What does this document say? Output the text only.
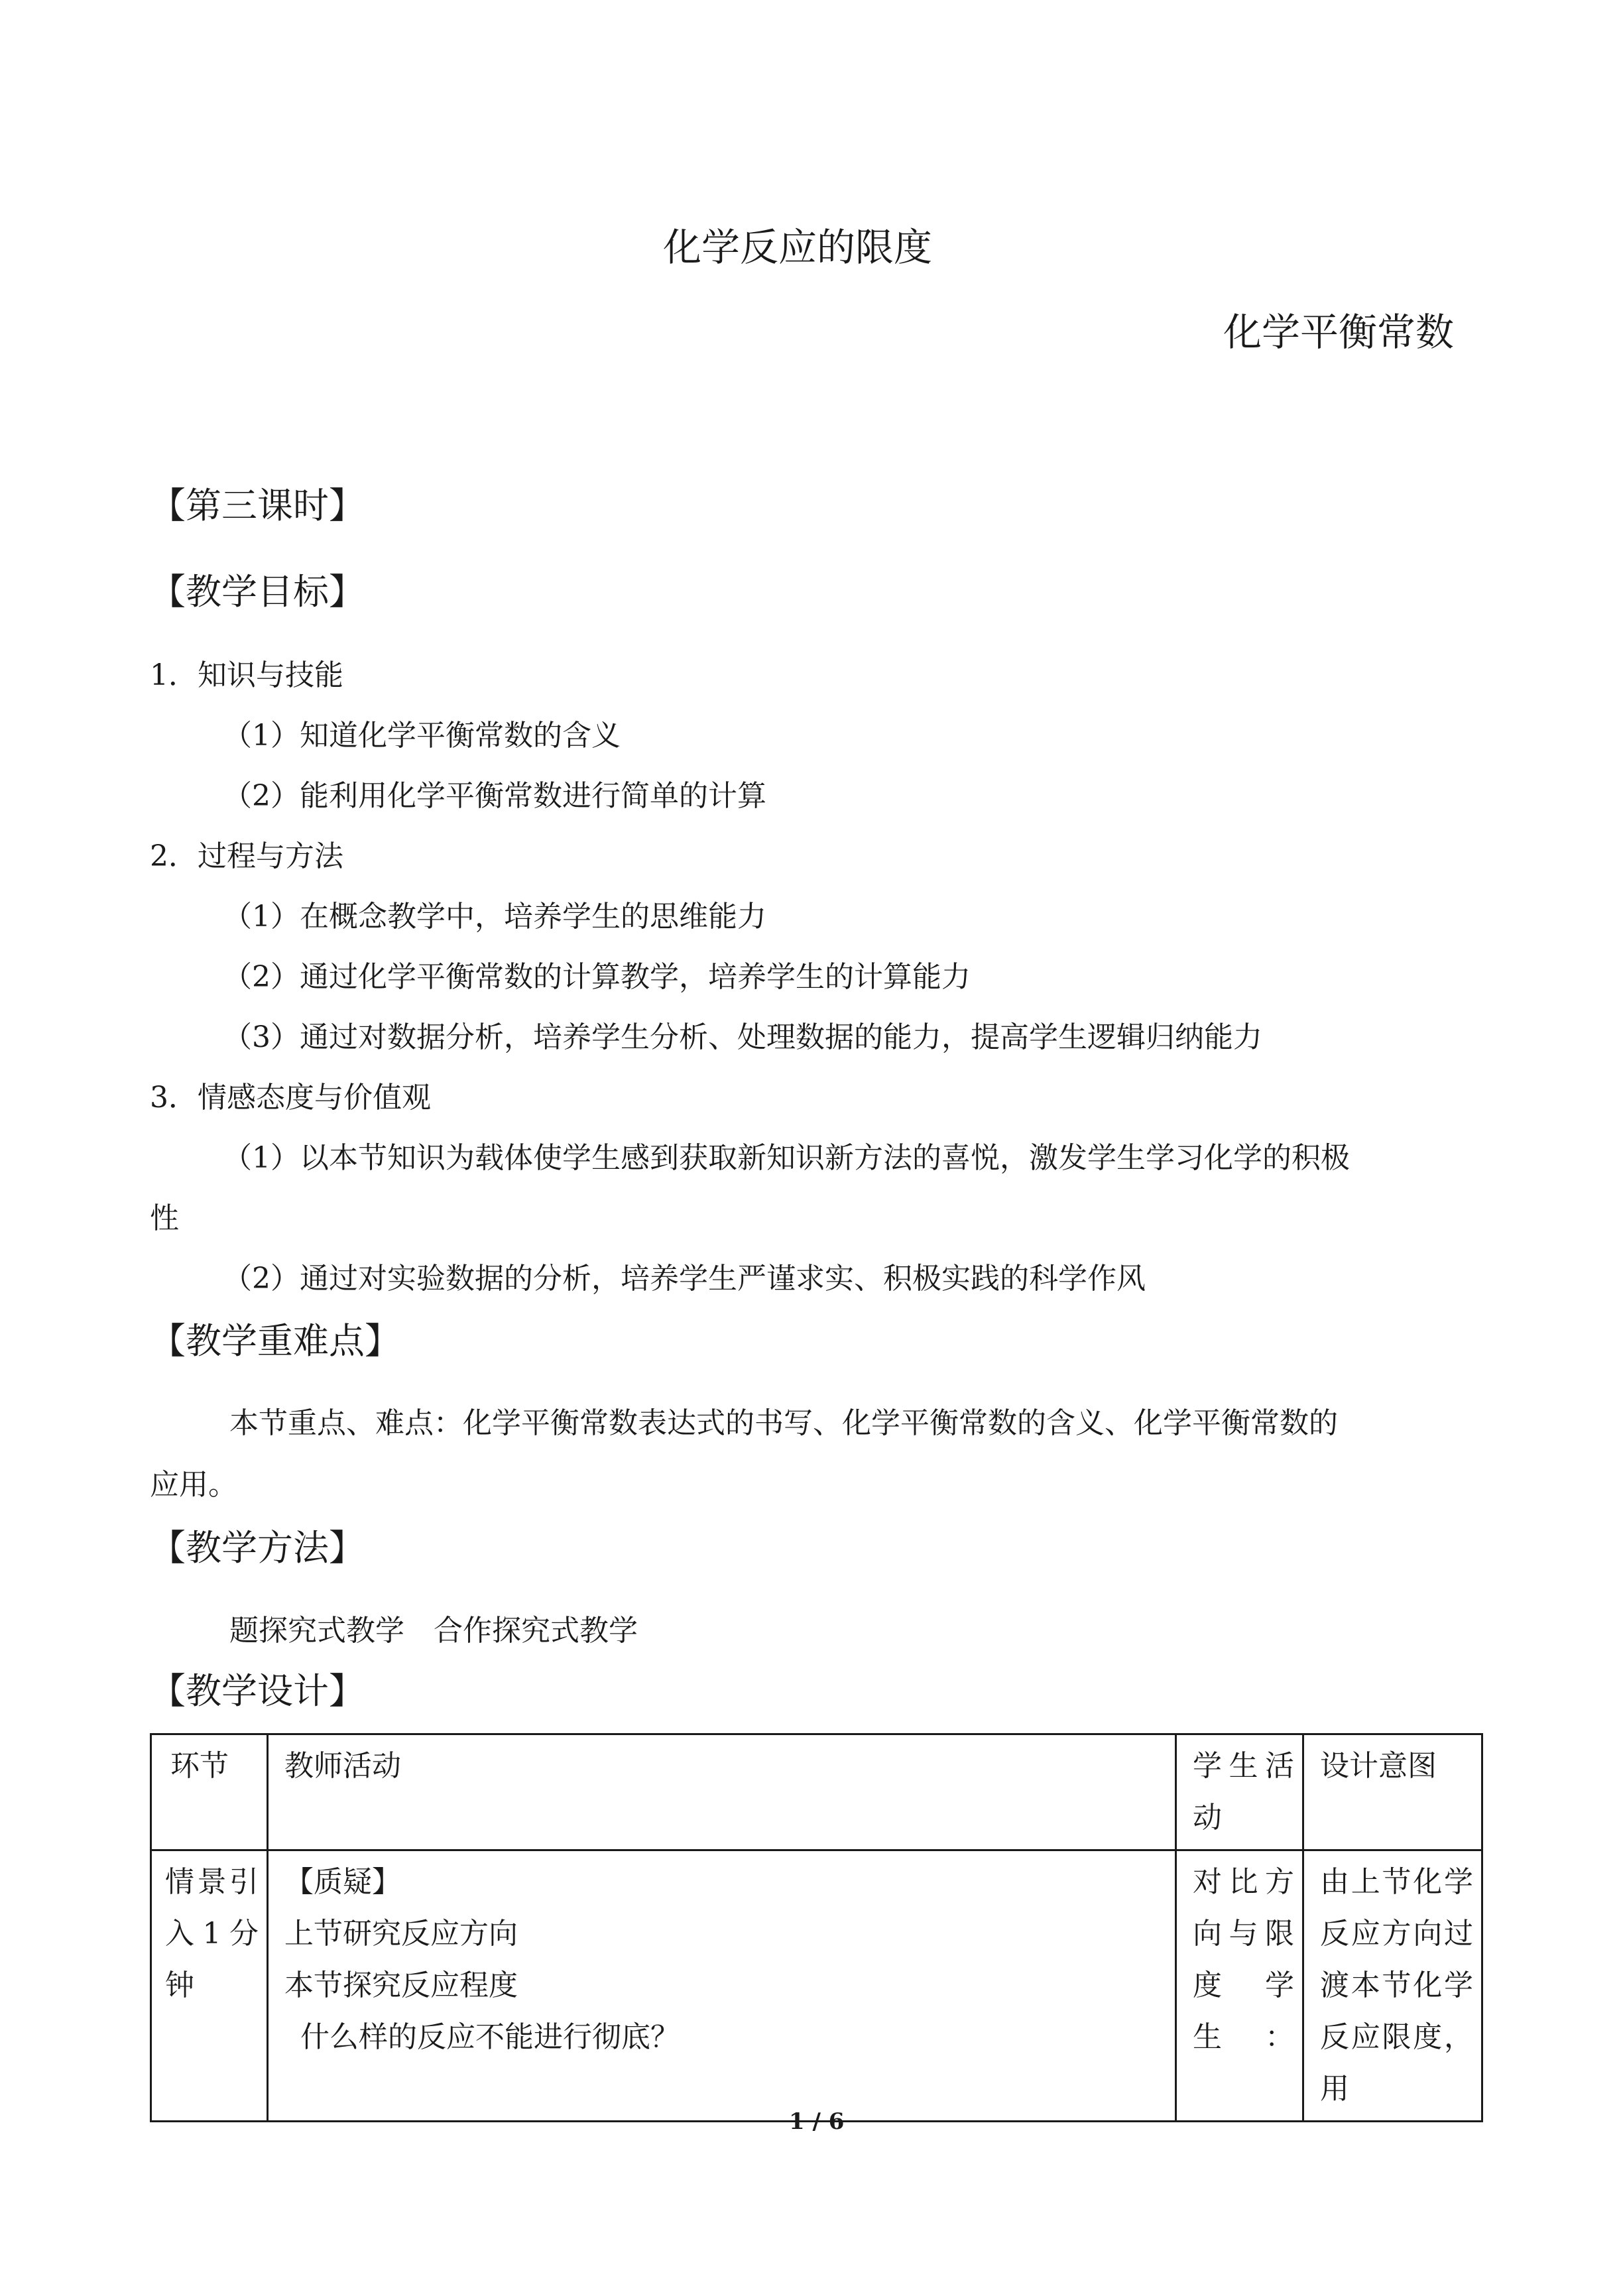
化学反应的限度
化学平衡常数
【第三课时】
【教学目标】
1．知识与技能
（1）知道化学平衡常数的含义
（2）能利用化学平衡常数进行简单的计算
2．过程与方法
（1）在概念教学中，培养学生的思维能力
（2）通过化学平衡常数的计算教学，培养学生的计算能力
（3）通过对数据分析，培养学生分析、处理数据的能力，提高学生逻辑归纳能力
3．情感态度与价值观
（1）以本节知识为载体使学生感到获取新知识新方法的喜悦，激发学生学习化学的积极
性
（2）通过对实验数据的分析，培养学生严谨求实、积极实践的科学作风
【教学重难点】
本节重点、难点：化学平衡常数表达式的书写、化学平衡常数的含义、化学平衡常数的
应用。
【教学方法】
题探究式教学　合作探究式教学
【教学设计】
环节	教师活动	学生活动	设计意图
情景引入1分钟	【质疑】
上节研究反应方向
本节探究反应程度
什么样的反应不能进行彻底？	对比方向与限度学生：	由上节化学反应方向过渡本节化学反应限度，用
1 / 6
